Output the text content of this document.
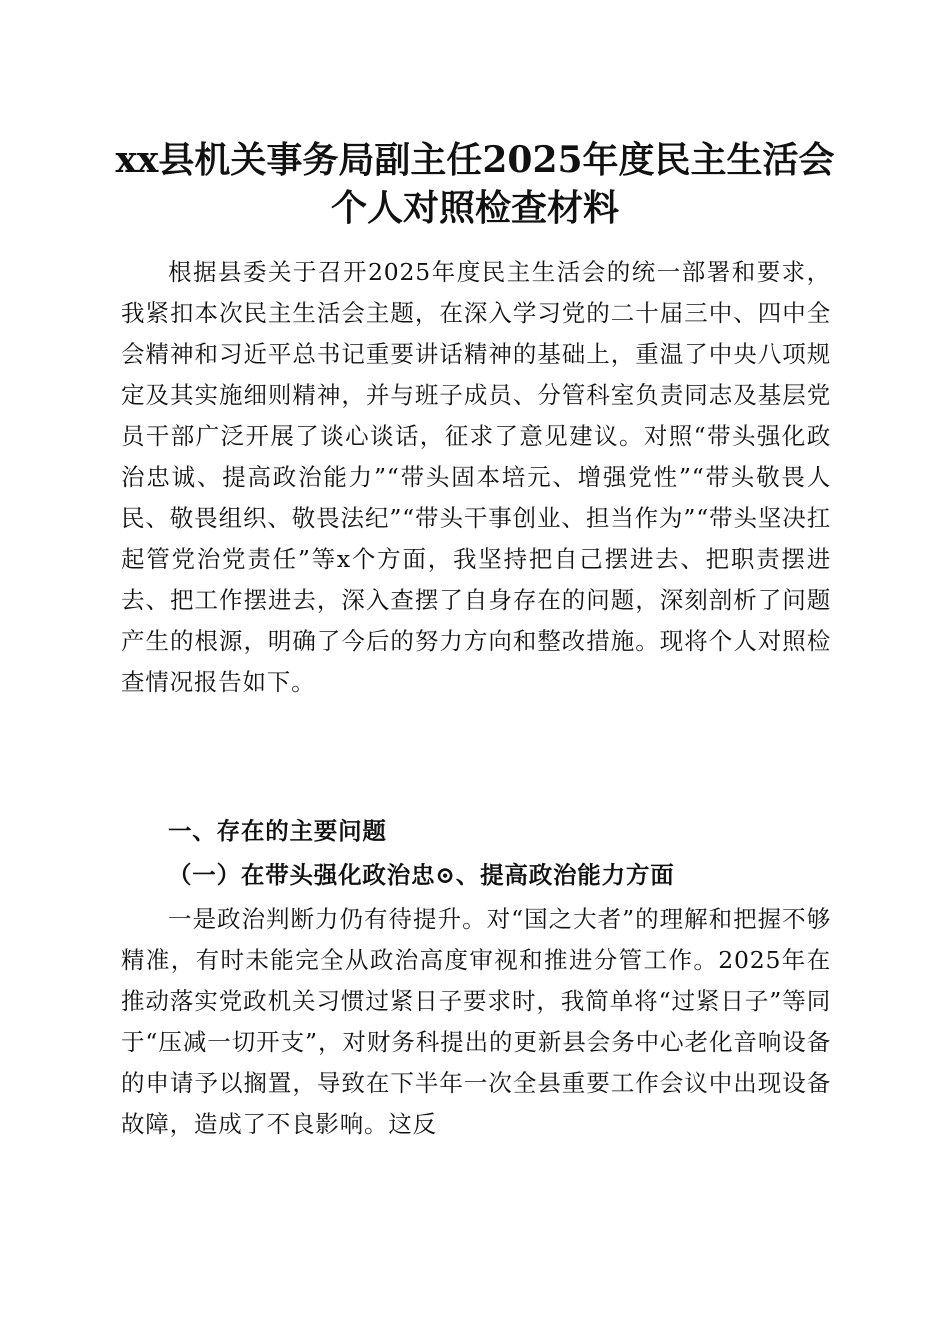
xx县机关事务局副主任2025年度民主生活会
个人对照检查材料

根据县委关于召开2025年度民主生活会的统一部署和要求，我紧扣本次民主生活会主题，在深入学习党的二十届三中、四中全会精神和习近平总书记重要讲话精神的基础上，重温了中央八项规定及其实施细则精神，并与班子成员、分管科室负责同志及基层党员干部广泛开展了谈心谈话，征求了意见建议。对照“带头强化政治忠诚、提高政治能力”“带头固本培元、增强党性”“带头敬畏人民、敬畏组织、敬畏法纪”“带头干事创业、担当作为”“带头坚决扛起管党治党责任”等x个方面，我坚持把自己摆进去、把职责摆进去、把工作摆进去，深入查摆了自身存在的问题，深刻剖析了问题产生的根源，明确了今后的努力方向和整改措施。现将个人对照检查情况报告如下。

一、存在的主要问题
（一）在带头强化政治忠⊙、提高政治能力方面

一是政治判断力仍有待提升。对“国之大者”的理解和把握不够精准，有时未能完全从政治高度审视和推进分管工作。2025年在推动落实党政机关习惯过紧日子要求时，我简单将“过紧日子”等同于“压减一切开支”，对财务科提出的更新县会务中心老化音响设备的申请予以搁置，导致在下半年一次全县重要工作会议中出现设备故障，造成了不良影响。这反
